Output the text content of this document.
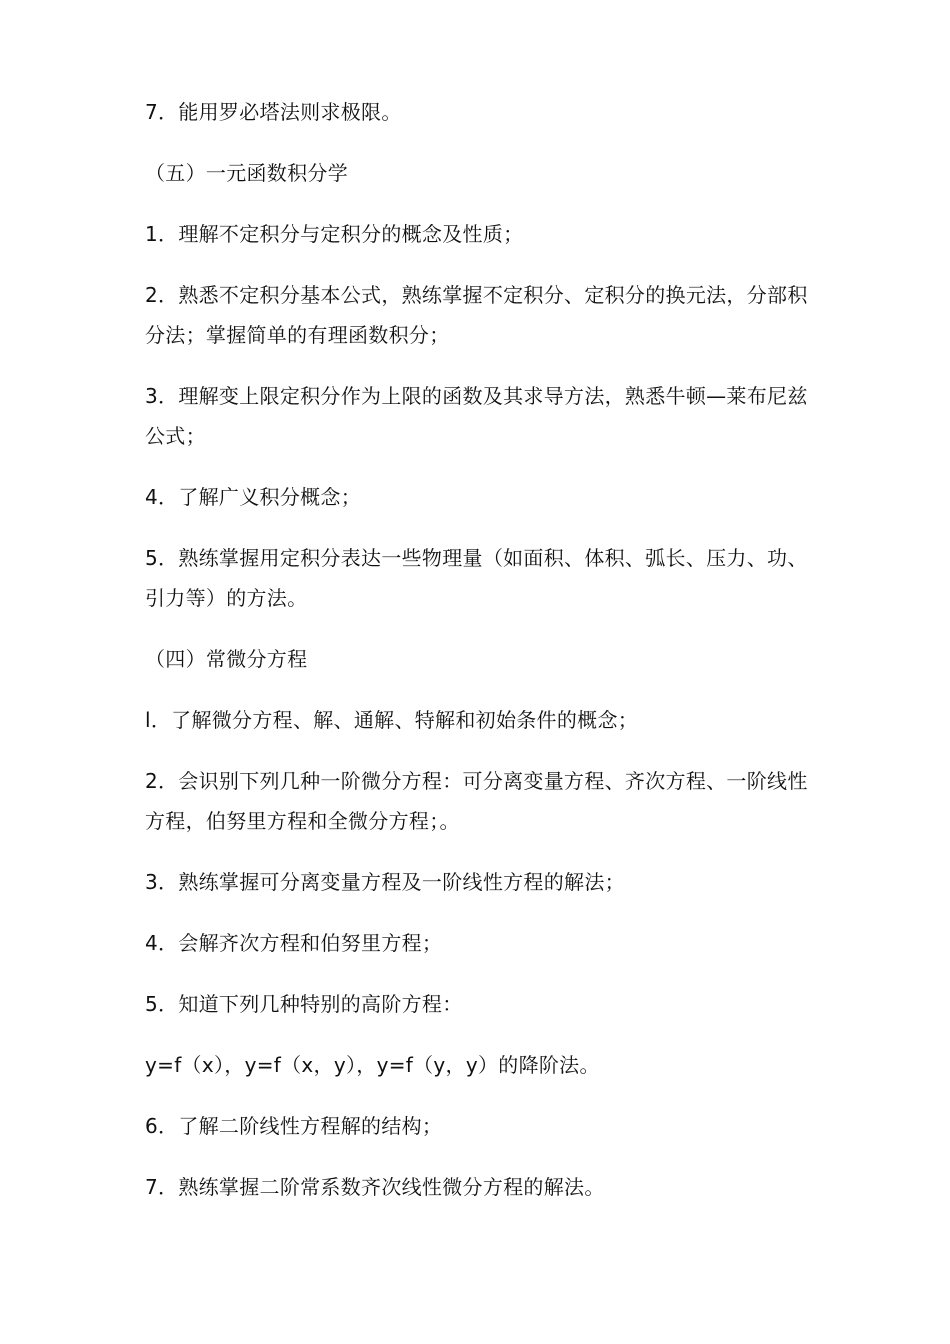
7．能用罗必塔法则求极限。

（五）一元函数积分学

1．理解不定积分与定积分的概念及性质；

2．熟悉不定积分基本公式，熟练掌握不定积分、定积分的换元法，分部积分法；掌握简单的有理函数积分；

3．理解变上限定积分作为上限的函数及其求导方法，熟悉牛顿—莱布尼兹公式；

4．了解广义积分概念；

5．熟练掌握用定积分表达一些物理量（如面积、体积、弧长、压力、功、引力等）的方法。

（四）常微分方程

l．了解微分方程、解、通解、特解和初始条件的概念；

2．会识别下列几种一阶微分方程：可分离变量方程、齐次方程、一阶线性方程，伯努里方程和全微分方程；。

3．熟练掌握可分离变量方程及一阶线性方程的解法；

4．会解齐次方程和伯努里方程；

5．知道下列几种特别的高阶方程：

y=f（x），y=f（x，y），y=f（y，y）的降阶法。

6．了解二阶线性方程解的结构；

7．熟练掌握二阶常系数齐次线性微分方程的解法。
